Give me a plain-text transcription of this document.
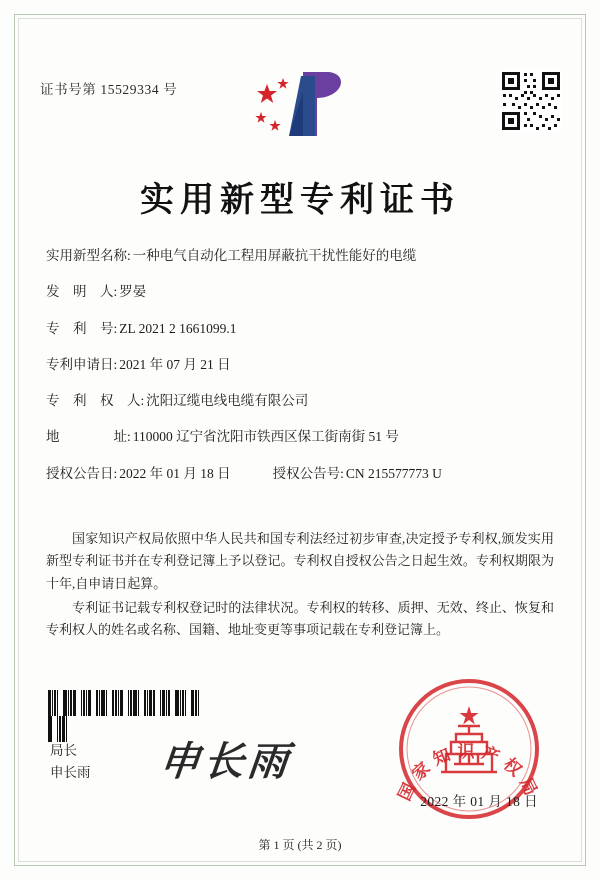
证书号第 15529334 号
实用新型专利证书
实用新型名称: 一种电气自动化工程用屏蔽抗干扰性能好的电缆
发　明　人: 罗晏
专　利　号: ZL 2021 2 1661099.1
专利申请日: 2021 年 07 月 21 日
专　利　权　人: 沈阳辽缆电线电缆有限公司
地　　　　址: 110000 辽宁省沈阳市铁西区保工街南街 51 号
授权公告日: 2022 年 01 月 18 日	授权公告号: CN 215577773 U

国家知识产权局依照中华人民共和国专利法经过初步审查,决定授予专利权,颁发实用新型专利证书并在专利登记簿上予以登记。专利权自授权公告之日起生效。专利权期限为十年,自申请日起算。

专利证书记载专利权登记时的法律状况。专利权的转移、质押、无效、终止、恢复和专利权人的姓名或名称、国籍、地址变更等事项记载在专利登记簿上。

局长
申长雨 申长雨
国家知识产权局
2022 年 01 月 18 日
第 1 页 (共 2 页)
